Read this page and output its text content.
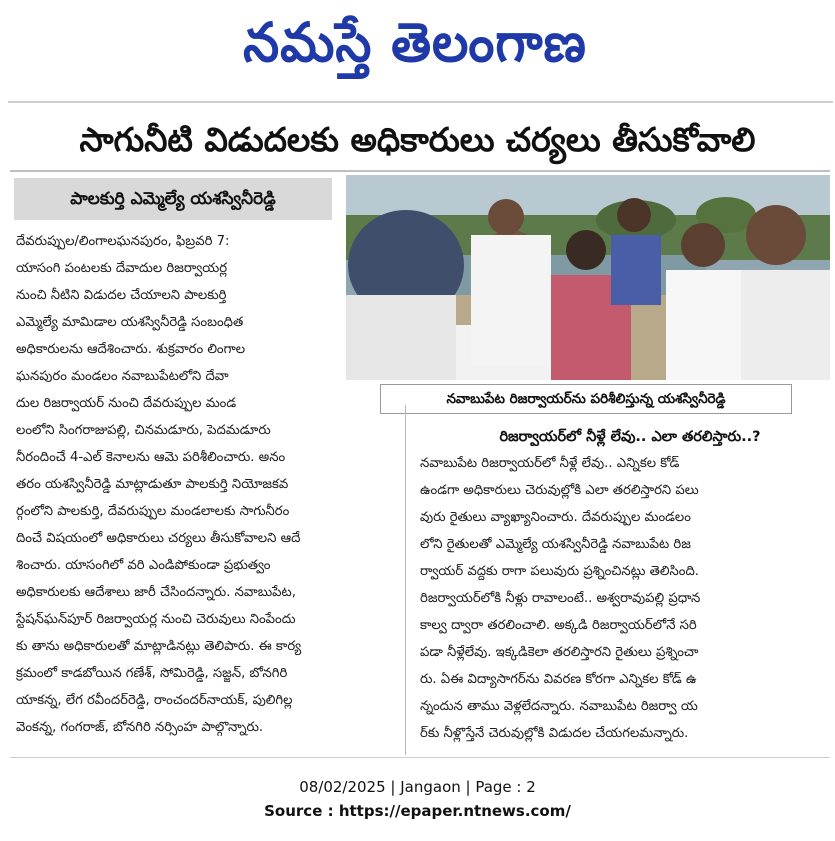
నమస్తే తెలంగాణ
సాగునీటి విడుదలకు అధికారులు చర్యలు తీసుకోవాలి
పాలకుర్తి ఎమ్మెల్యే యశస్వినీరెడ్డి
దేవరుప్పుల/లింగాలఘనపురం, ఫిబ్రవరి 7:
యాసంగి పంటలకు దేవాదుల రిజర్వాయర్ల
నుంచి నీటిని విడుదల చేయాలని పాలకుర్తి
ఎమ్మెల్యే మామిడాల యశస్వినీరెడ్డి సంబంధిత
అధికారులను ఆదేశించారు. శుక్రవారం లింగాల
ఘనపురం మండలం నవాబుపేటలోని దేవా
దుల రిజర్వాయర్ నుంచి దేవరుప్పుల మండ
లంలోని సింగరాజుపల్లి, చినమడూరు, పెదమడూరు
నీరందించే 4-ఎల్ కెనాలను ఆమె పరిశీలించారు. అనం
తరం యశస్వినీరెడ్డి మాట్లాడుతూ పాలకుర్తి నియోజకవ
ర్గంలోని పాలకుర్తి, దేవరుప్పుల మండలాలకు సాగునీరం
దించే విషయంలో అధికారులు చర్యలు తీసుకోవాలని ఆదే
శించారు. యాసంగిలో వరి ఎండిపోకుండా ప్రభుత్వం
అధికారులకు ఆదేశాలు జారీ చేసిందన్నారు. నవాబుపేట,
స్టేషన్‌ఘన్‌పూర్ రిజర్వాయర్ల నుంచి చెరువులు నింపేందు
కు తాను అధికారులతో మాట్లాడినట్లు తెలిపారు. ఈ కార్య
క్రమంలో కాడబోయిన గణేశ్, సోమిరెడ్డి, సజ్జన్, బోనగిరి
యాకన్న, లేగ రవీందర్‌రెడ్డి, రాంచందర్‌నాయక్, పులిగిల్ల
వెంకన్న, గంగరాజ్, బోనగిరి నర్సింహ పాల్గొన్నారు.
నవాబుపేట రిజర్వాయర్‌ను పరిశీలిస్తున్న యశస్వినీరెడ్డి
రిజర్వాయర్‌లో నీళ్లే లేవు.. ఎలా తరలిస్తారు..?
నవాబుపేట రిజర్వాయర్‌లో నీళ్లే లేవు.. ఎన్నికల కోడ్
ఉండగా అధికారులు చెరువుల్లోకి ఎలా తరలిస్తారని పలు
వురు రైతులు వ్యాఖ్యానించారు. దేవరుప్పుల మండలం
లోని రైతులతో ఎమ్మెల్యే యశస్వినీరెడ్డి నవాబుపేట రిజ
ర్వాయర్ వద్దకు రాగా పలువురు ప్రశ్నించినట్లు తెలిసింది.
రిజర్వాయర్‌లోకి నీళ్లు రావాలంటే.. అశ్వరావుపల్లి ప్రధాన
కాల్వ ద్వారా తరలించాలి. అక్కడి రిజర్వాయర్‌లోనే సరి
పడా నీళ్లేలేవు. ఇక్కడికెలా తరలిస్తారని రైతులు ప్రశ్నించా
రు. ఏఈ విద్యాసాగర్‌ను వివరణ కోరగా ఎన్నికల కోడ్ ఉ
న్నందున తాము వెళ్లలేదన్నారు. నవాబుపేట రిజర్వా య
ర్‌కు నీళ్లొస్తేనే చెరువుల్లోకి విడుదల చేయగలమన్నారు.
08/02/2025 | Jangaon | Page : 2
Source : https://epaper.ntnews.com/
